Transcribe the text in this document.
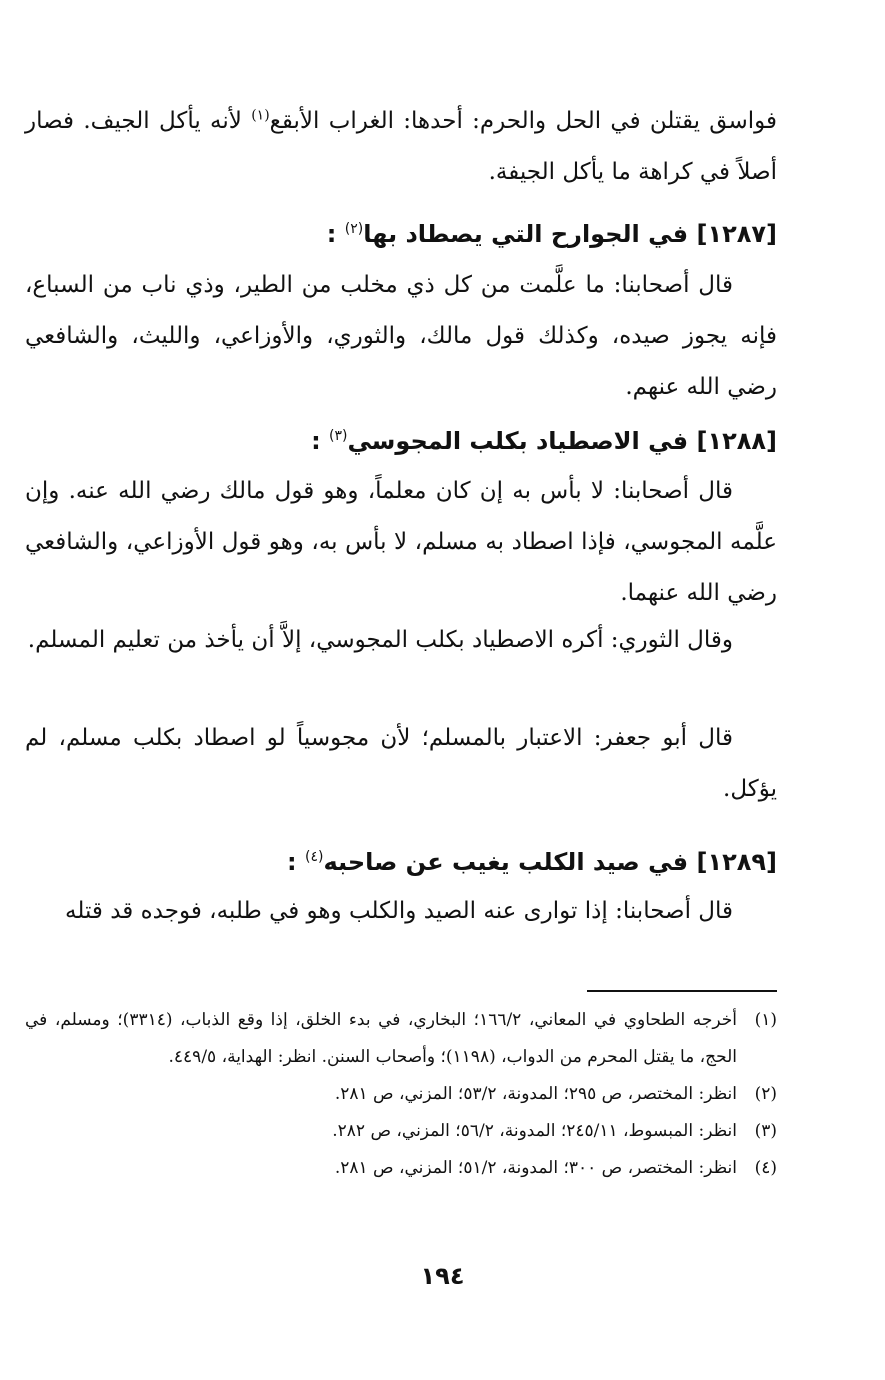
فواسق يقتلن في الحل والحرم: أحدها: الغراب الأبقع$^{(١)}$ لأنه يأكل الجيف. فصار أصلاً في كراهة ما يأكل الجيفة.

[١٢٨٧] في الجوارح التي يصطاد بها$^{(٢)}$ :

قال أصحابنا: ما علَّمت من كل ذي مخلب من الطير، وذي ناب من السباع، فإنه يجوز صيده، وكذلك قول مالك، والثوري، والأوزاعي، والليث، والشافعي رضي الله عنهم.

[١٢٨٨] في الاصطياد بكلب المجوسي$^{(٣)}$ :

قال أصحابنا: لا بأس به إن كان معلماً، وهو قول مالك رضي الله عنه. وإن علَّمه المجوسي، فإذا اصطاد به مسلم، لا بأس به، وهو قول الأوزاعي، والشافعي رضي الله عنهما.

وقال الثوري: أكره الاصطياد بكلب المجوسي، إلاَّ أن يأخذ من تعليم المسلم.

قال أبو جعفر: الاعتبار بالمسلم؛ لأن مجوسياً لو اصطاد بكلب مسلم، لم يؤكل.

[١٢٨٩] في صيد الكلب يغيب عن صاحبه$^{(٤)}$ :

قال أصحابنا: إذا توارى عنه الصيد والكلب وهو في طلبه، فوجده قد قتله

(١)
أخرجه الطحاوي في المعاني، ١٦٦/٢؛ البخاري، في بدء الخلق، إذا وقع الذباب، (٣٣١٤)؛ ومسلم، في الحج، ما يقتل المحرم من الدواب، (١١٩٨)؛ وأصحاب السنن. انظر: الهداية، ٤٤٩/٥.
(٢)
انظر: المختصر، ص ٢٩٥؛ المدونة، ٥٣/٢؛ المزني، ص ٢٨١.
(٣)
انظر: المبسوط، ٢٤٥/١١؛ المدونة، ٥٦/٢؛ المزني، ص ٢٨٢.
(٤)
انظر: المختصر، ص ٣٠٠؛ المدونة، ٥١/٢؛ المزني، ص ٢٨١.
١٩٤
